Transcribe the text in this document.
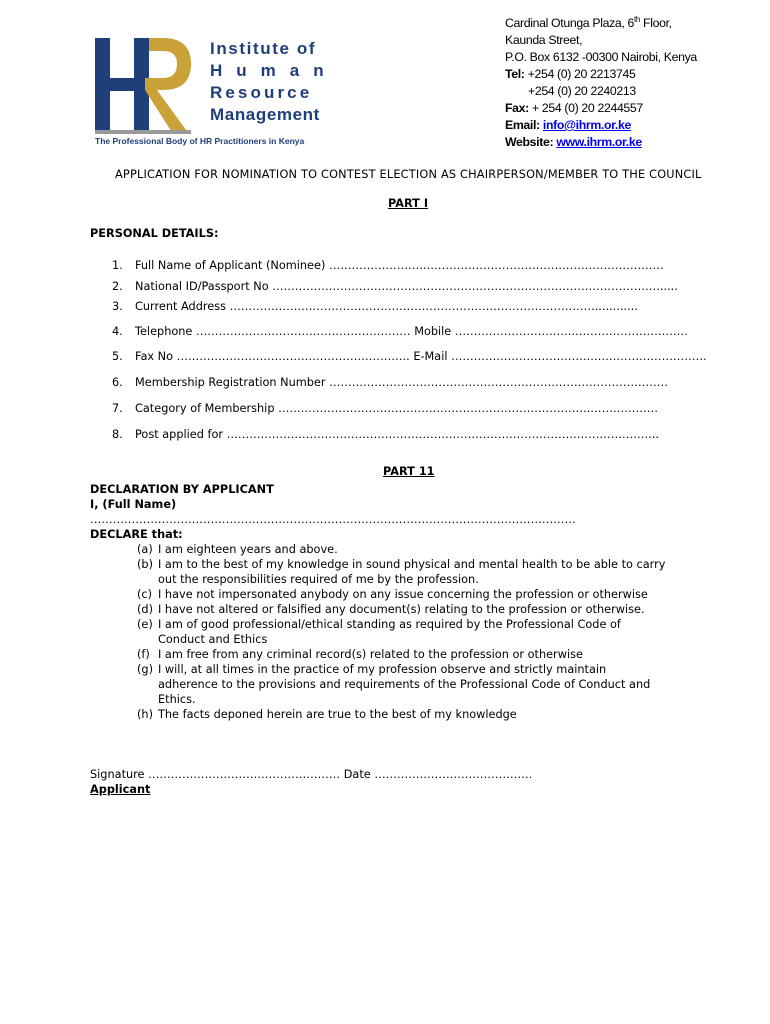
Institute of
Human
Resource
Management
The Professional Body of HR Practitioners in Kenya
Cardinal Otunga Plaza, 6th Floor,
Kaunda Street,
P.O. Box 6132 -00300 Nairobi, Kenya
Tel: +254 (0) 20 2213745
+254 (0) 20 2240213
Fax: + 254 (0) 20 2244557
Email: info@ihrm.or.ke
Website: www.ihrm.or.ke
APPLICATION FOR NOMINATION TO CONTEST ELECTION AS CHAIRPERSON/MEMBER TO THE COUNCIL
PART I
PERSONAL DETAILS:
1. Full Name of Applicant (Nominee) ……………………..………………………………………………………
2. National ID/Passport No …………………………………………………………………………………………......
3. Current Address …………………………………………………………………………………….............
4. Telephone ………………………………………………… Mobile …………………………..…………………………
5. Fax No …………………………………………………….. E-Mail ………………………………..…………………………
6. Membership Registration Number ………………………………………………………………………………
7. Category of Membership ………………………………………………………………………..………………
8. Post applied for …………………………………………………………………………………………….……...
PART 11
DECLARATION BY APPLICANT
I, (Full Name)
…………………………………………………………………………………………………………………
DECLARE that:
(a) I am eighteen years and above.
(b) I am to the best of my knowledge in sound physical and mental health to be able to carry
out the responsibilities required of me by the profession.
(c) I have not impersonated anybody on any issue concerning the profession or otherwise
(d) I have not altered or falsified any document(s) relating to the profession or otherwise.
(e) I am of good professional/ethical standing as required by the Professional Code of
Conduct and Ethics
(f) I am free from any criminal record(s) related to the profession or otherwise
(g) I will, at all times in the practice of my profession observe and strictly maintain
adherence to the provisions and requirements of the Professional Code of Conduct and
Ethics.
(h) The facts deponed herein are true to the best of my knowledge
Signature …………………………………………… Date ……………………………………
Applicant
